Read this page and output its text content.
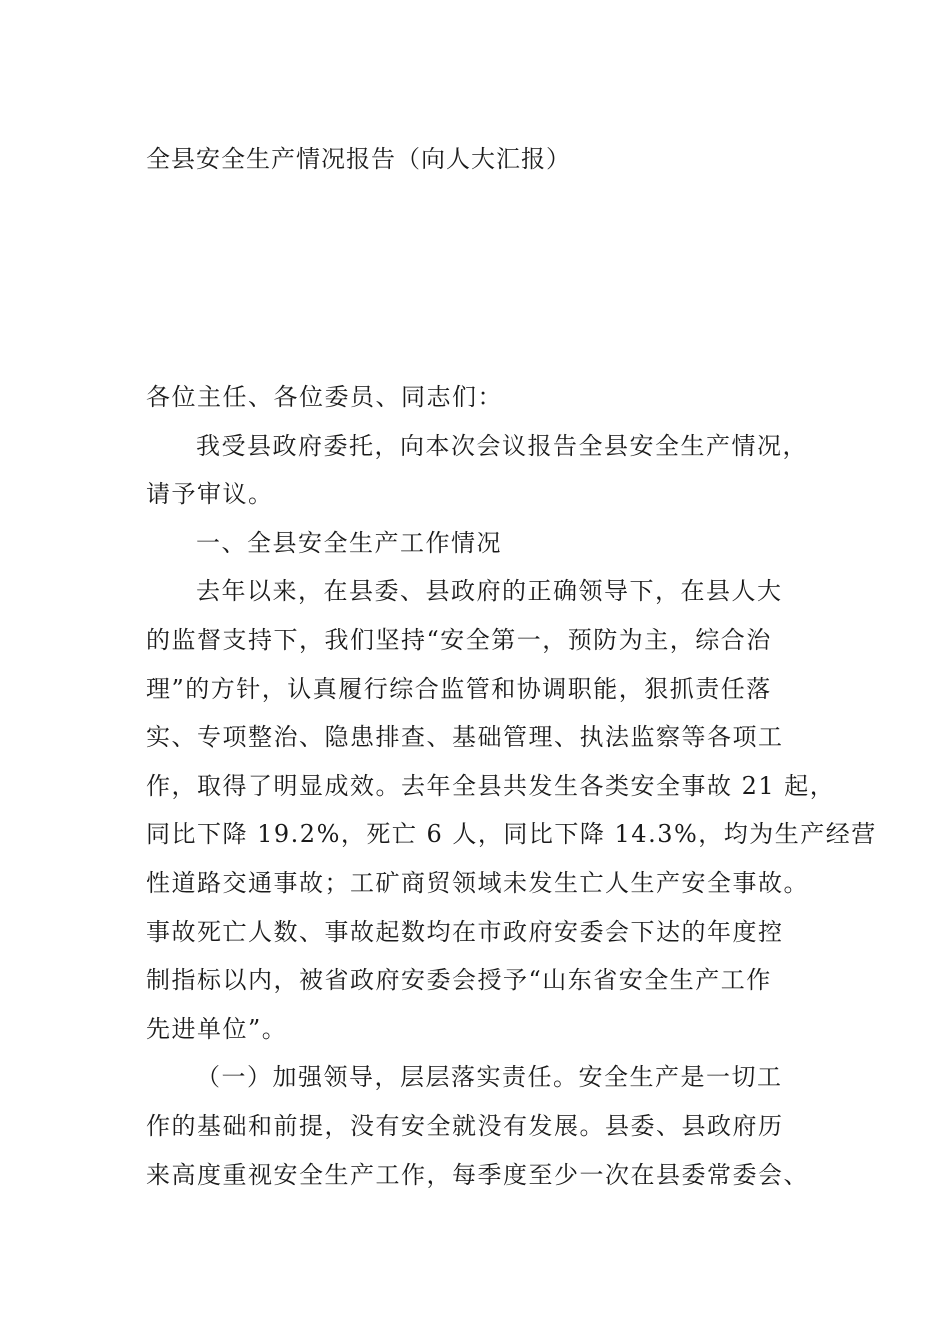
全县安全生产情况报告（向人大汇报）
各位主任、各位委员、同志们：
我受县政府委托，向本次会议报告全县安全生产情况，
请予审议。
一、全县安全生产工作情况
去年以来，在县委、县政府的正确领导下，在县人大
的监督支持下，我们坚持“安全第一，预防为主，综合治
理”的方针，认真履行综合监管和协调职能，狠抓责任落
实、专项整治、隐患排查、基础管理、执法监察等各项工
作，取得了明显成效。去年全县共发生各类安全事故 21 起，
同比下降 19.2%，死亡 6 人，同比下降 14.3%，均为生产经营
性道路交通事故；工矿商贸领域未发生亡人生产安全事故。
事故死亡人数、事故起数均在市政府安委会下达的年度控
制指标以内，被省政府安委会授予“山东省安全生产工作
先进单位”。
（一）加强领导，层层落实责任。安全生产是一切工
作的基础和前提，没有安全就没有发展。县委、县政府历
来高度重视安全生产工作，每季度至少一次在县委常委会、
